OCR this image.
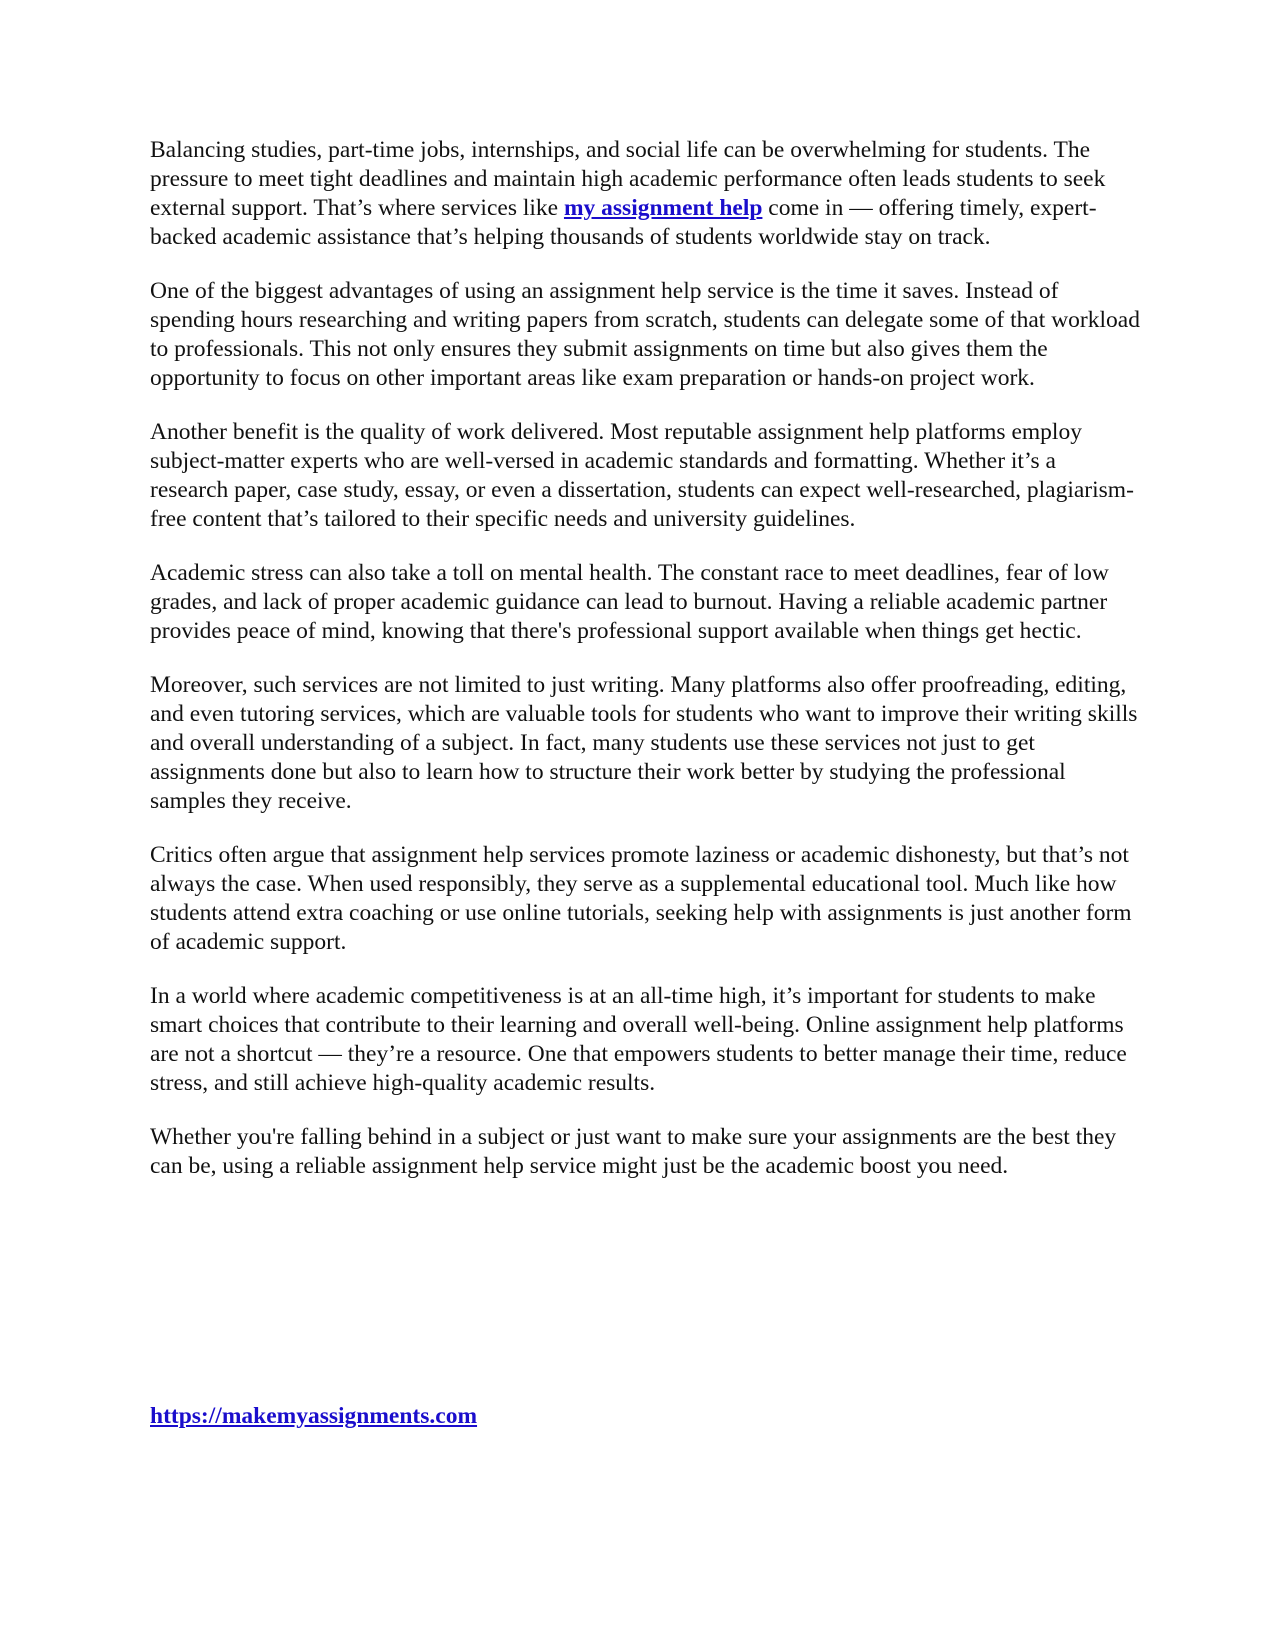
Balancing studies, part-time jobs, internships, and social life can be overwhelming for students. The pressure to meet tight deadlines and maintain high academic performance often leads students to seek external support. That’s where services like my assignment help come in — offering timely, expert-backed academic assistance that’s helping thousands of students worldwide stay on track.

One of the biggest advantages of using an assignment help service is the time it saves. Instead of spending hours researching and writing papers from scratch, students can delegate some of that workload to professionals. This not only ensures they submit assignments on time but also gives them the opportunity to focus on other important areas like exam preparation or hands-on project work.

Another benefit is the quality of work delivered. Most reputable assignment help platforms employ subject-matter experts who are well-versed in academic standards and formatting. Whether it’s a research paper, case study, essay, or even a dissertation, students can expect well-researched, plagiarism-free content that’s tailored to their specific needs and university guidelines.

Academic stress can also take a toll on mental health. The constant race to meet deadlines, fear of low grades, and lack of proper academic guidance can lead to burnout. Having a reliable academic partner provides peace of mind, knowing that there's professional support available when things get hectic.

Moreover, such services are not limited to just writing. Many platforms also offer proofreading, editing, and even tutoring services, which are valuable tools for students who want to improve their writing skills and overall understanding of a subject. In fact, many students use these services not just to get assignments done but also to learn how to structure their work better by studying the professional samples they receive.

Critics often argue that assignment help services promote laziness or academic dishonesty, but that’s not always the case. When used responsibly, they serve as a supplemental educational tool. Much like how students attend extra coaching or use online tutorials, seeking help with assignments is just another form of academic support.

In a world where academic competitiveness is at an all-time high, it’s important for students to make smart choices that contribute to their learning and overall well-being. Online assignment help platforms are not a shortcut — they’re a resource. One that empowers students to better manage their time, reduce stress, and still achieve high-quality academic results.

Whether you're falling behind in a subject or just want to make sure your assignments are the best they can be, using a reliable assignment help service might just be the academic boost you need.

https://makemyassignments.com
